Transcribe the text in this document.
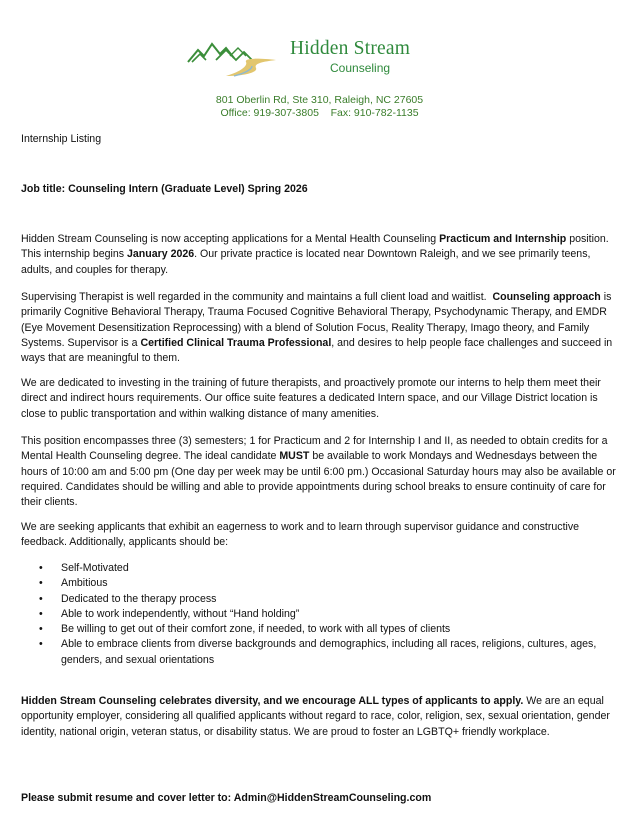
Hidden Stream
Counseling
801 Oberlin Rd, Ste 310, Raleigh, NC 27605
Office: 919-307-3805    Fax: 910-782-1135
Internship Listing
Job title: Counseling Intern (Graduate Level) Spring 2026
Hidden Stream Counseling is now accepting applications for a Mental Health Counseling Practicum and Internship position. This internship begins January 2026. Our private practice is located near Downtown Raleigh, and we see primarily teens, adults, and couples for therapy.
Supervising Therapist is well regarded in the community and maintains a full client load and waitlist.  Counseling approach is primarily Cognitive Behavioral Therapy, Trauma Focused Cognitive Behavioral Therapy, Psychodynamic Therapy, and EMDR (Eye Movement Desensitization Reprocessing) with a blend of Solution Focus, Reality Therapy, Imago theory, and Family Systems. Supervisor is a Certified Clinical Trauma Professional, and desires to help people face challenges and succeed in ways that are meaningful to them.
We are dedicated to investing in the training of future therapists, and proactively promote our interns to help them meet their direct and indirect hours requirements. Our office suite features a dedicated Intern space, and our Village District location is close to public transportation and within walking distance of many amenities.
This position encompasses three (3) semesters; 1 for Practicum and 2 for Internship I and II, as needed to obtain credits for a Mental Health Counseling degree. The ideal candidate MUST be available to work Mondays and Wednesdays between the hours of 10:00 am and 5:00 pm (One day per week may be until 6:00 pm.) Occasional Saturday hours may also be available or required. Candidates should be willing and able to provide appointments during school breaks to ensure continuity of care for their clients.
We are seeking applicants that exhibit an eagerness to work and to learn through supervisor guidance and constructive feedback. Additionally, applicants should be:
• Self-Motivated
• Ambitious
• Dedicated to the therapy process
• Able to work independently, without “Hand holding”
• Be willing to get out of their comfort zone, if needed, to work with all types of clients
• Able to embrace clients from diverse backgrounds and demographics, including all races, religions, cultures, ages, genders, and sexual orientations
Hidden Stream Counseling celebrates diversity, and we encourage ALL types of applicants to apply. We are an equal opportunity employer, considering all qualified applicants without regard to race, color, religion, sex, sexual orientation, gender identity, national origin, veteran status, or disability status. We are proud to foster an LGBTQ+ friendly workplace.
Please submit resume and cover letter to: Admin@HiddenStreamCounseling.com
